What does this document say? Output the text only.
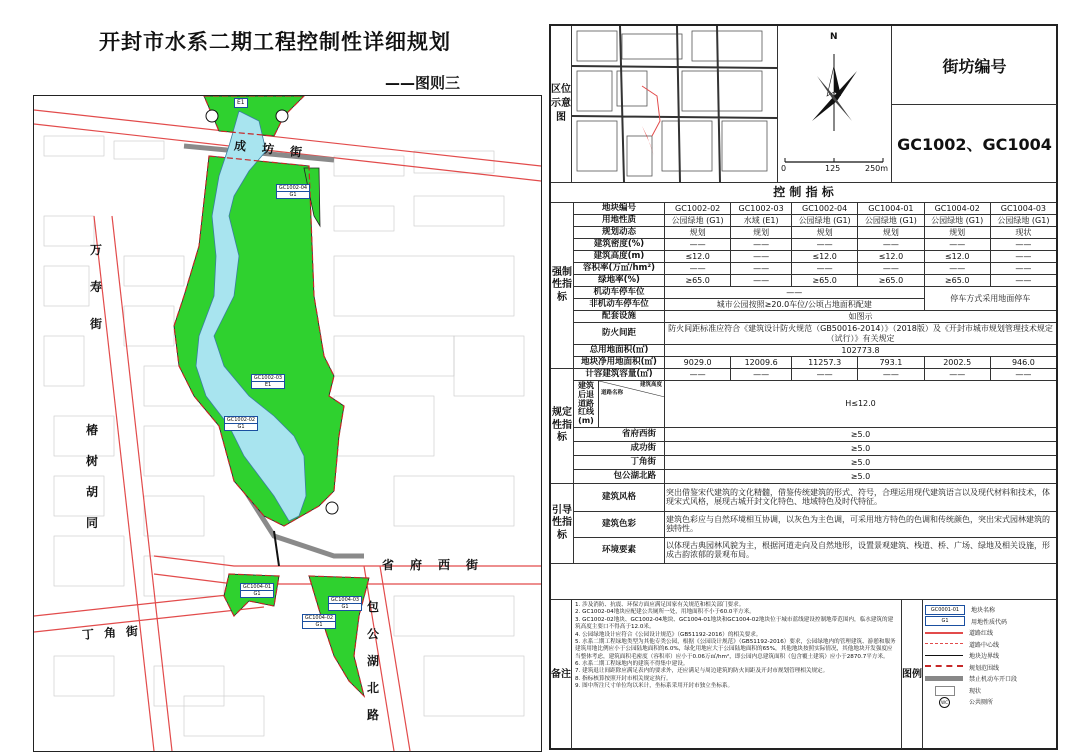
开封市水系二期工程控制性详细规划
——图则三
成 坊 街
万
寿
街
椿
树
胡
同
省 府 西 街
丁 角 街
包
公
湖
北
路
E1
GC1002-04
G1
GC1002-03
E1
GC1002-02
G1
GC1004-01
G1
GC1004-02
G1
GC1004-03
G1
区位示意图
N
0	125	250m
街坊编号
GC1002、GC1004
控 制 指 标							
强制性指标	地块编号	GC1002-02	GC1002-03	GC1002-04	GC1004-01	GC1004-02	GC1004-03
	用地性质	公园绿地 (G1)	水域 (E1)	公园绿地 (G1)	公园绿地 (G1)	公园绿地 (G1)	公园绿地 (G1)
	规划动态	规划	规划	规划	规划	规划	现状
	建筑密度(%)	——	——	——	——	——	——
	建筑高度(m)	≤12.0	——	≤12.0	≤12.0	≤12.0	——
	容积率(万㎡/hm²)	——	——	——	——	——	——
	绿地率(%)	≥65.0	——	≥65.0	≥65.0	≥65.0	——
	机动车停车位	——				停车方式采用地面停车	
	非机动车停车位	城市公园按照≥20.0车位/公顷占地面积配建					
	配套设施	如图示					
	防火间距	防火间距标准应符合《建筑设计防火规范（GB50016-2014）》（2018版）及《开封市城市规划管理技术规定（试行）》有关规定					
	总用地面积(㎡)	102773.8					
	地块净用地面积(㎡)	9029.0	12009.6	11257.3	793.1	2002.5	946.0
规定性指标	计容建筑容量(㎡)	——	——	——	——	——	——

	建筑后退道路红线(m)
建筑高度
道路名称	H≤12.0					
	省府西街	≥5.0					
	成功街	≥5.0					
	丁角街	≥5.0					
	包公湖北路	≥5.0					
引导性指标	建筑风格	突出借鉴宋代建筑的文化精髓，借鉴传统建筑的形式、符号，合理运用现代建筑语言以及现代材料和技术，体现宋式风格，展现古城开封文化特色、地域特色及时代特征。					
	建筑色彩	建筑色彩应与自然环境相互协调，以灰色为主色调，可采用地方特色的色调和传统颜色，突出宋式园林建筑的独特性。					
	环境要素	以体现古典园林风貌为主，根据河道走向及自然地形，设置景观建筑、栈道、桥、广场、绿地及相关设施，形成古韵浓郁的景观布局。					
备注
1. 涉及消防、抗震、环保方面应满足国家有关规范和相关部门要求。
2. GC1002-04地块应配建公共厕所一处，用地面积不小于60.0平方米。
3. GC1002-02地块、GC1002-04地块、GC1004-01地块和GC1004-02地块位于城市蓝线建设控制地带范围内，临水建筑的建筑高度主要口不得高于12.0米。
4. 公园绿地设计应符合《公园设计规范》（GB51192-2016）的相关要求。
5. 水系二期工程绿地类型为其他专类公园，根据《公园设计规范》（GB51192-2016）要求，公园绿地内的管理建筑、游憩和服务建筑用地比例应小于公园陆地面积的6.0%，绿化用地应大于公园陆地面积的65%，其他地块按照实际情况，其他地块开发强度应当整体考虑，建筑面积毛密度（容积率）应小于0.06万㎡/hm²，即公园内总建筑面积（包含覆土建筑）应小于2870.7平方米。
6. 水系二期工程绿地内的建筑不得集中建设。
7. 建筑退让间距除应满足表内的要求外，还应满足与周边建筑的防火间距及开封市规划管理相关规定。
8. 指标核算按照开封市相关规定执行。
9. 图中所注尺寸单位均以米计，坐标系采用开封市独立坐标系。
图例
GC0001-01	地块名称
G1	用地性质代码
道路红线
道路中心线
地块边界线
规划范围线
禁止机动车开口段
现状
WC	公共厕所
